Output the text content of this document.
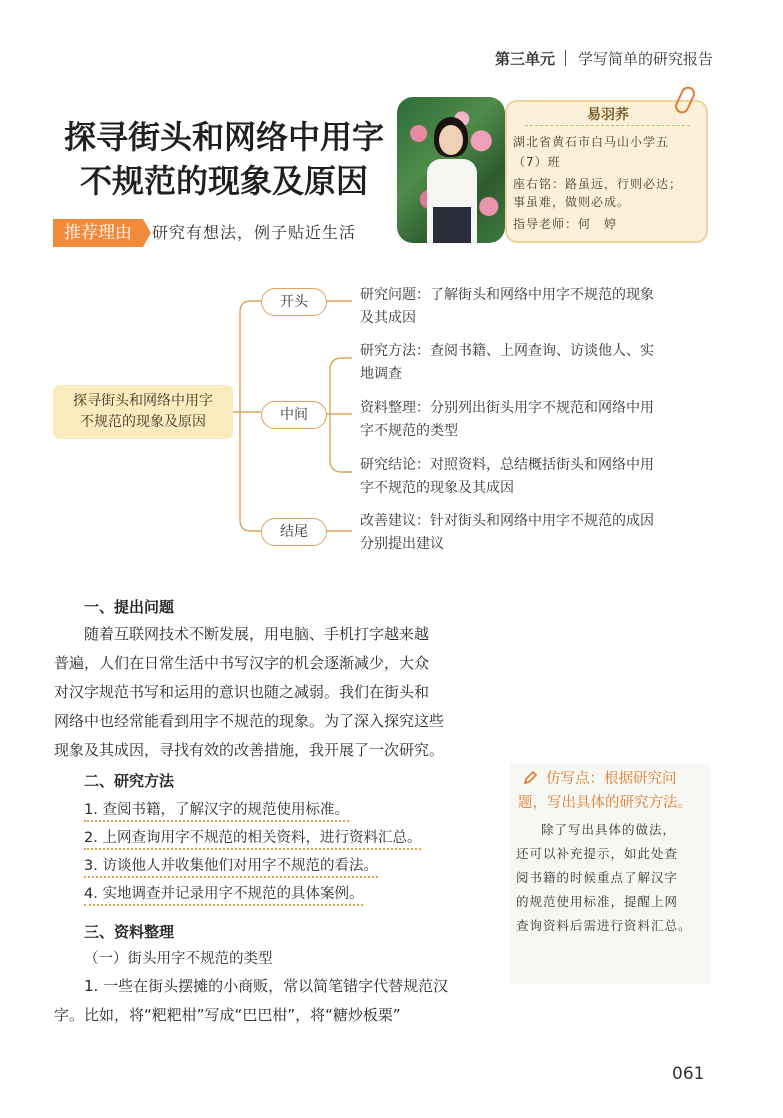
第三单元 学写简单的研究报告
探寻街头和网络中用字
不规范的现象及原因
推荐理由	研究有想法，例子贴近生活
易羽荞
湖北省黄石市白马山小学五
（7）班
座右铭：路虽远，行则必达；
事虽难，做则必成。
指导老师：何　婷
探寻街头和网络中用字
不规范的现象及原因
开头
中间
结尾
研究问题：了解街头和网络中用字不规范的现象
及其成因
研究方法：查阅书籍、上网查询、访谈他人、实
地调查
资料整理：分别列出街头用字不规范和网络中用
字不规范的类型
研究结论：对照资料，总结概括街头和网络中用
字不规范的现象及其成因
改善建议：针对街头和网络中用字不规范的成因
分别提出建议
一、提出问题
随着互联网技术不断发展，用电脑、手机打字越来越
普遍，人们在日常生活中书写汉字的机会逐渐减少，大众
对汉字规范书写和运用的意识也随之减弱。我们在街头和
网络中也经常能看到用字不规范的现象。为了深入探究这些
现象及其成因，寻找有效的改善措施，我开展了一次研究。
二、研究方法
1. 查阅书籍，了解汉字的规范使用标准。
2. 上网查询用字不规范的相关资料，进行资料汇总。
3. 访谈他人并收集他们对用字不规范的看法。
4. 实地调查并记录用字不规范的具体案例。
三、资料整理
（一）街头用字不规范的类型
1. 一些在街头摆摊的小商贩，常以简笔错字代替规范汉
字。比如，将“粑粑柑”写成“巴巴柑”，将“糖炒板栗”
仿写点：根据研究问
题，写出具体的研究方法。
除了写出具体的做法，
还可以补充提示，如此处查
阅书籍的时候重点了解汉字
的规范使用标准，提醒上网
查询资料后需进行资料汇总。
061
